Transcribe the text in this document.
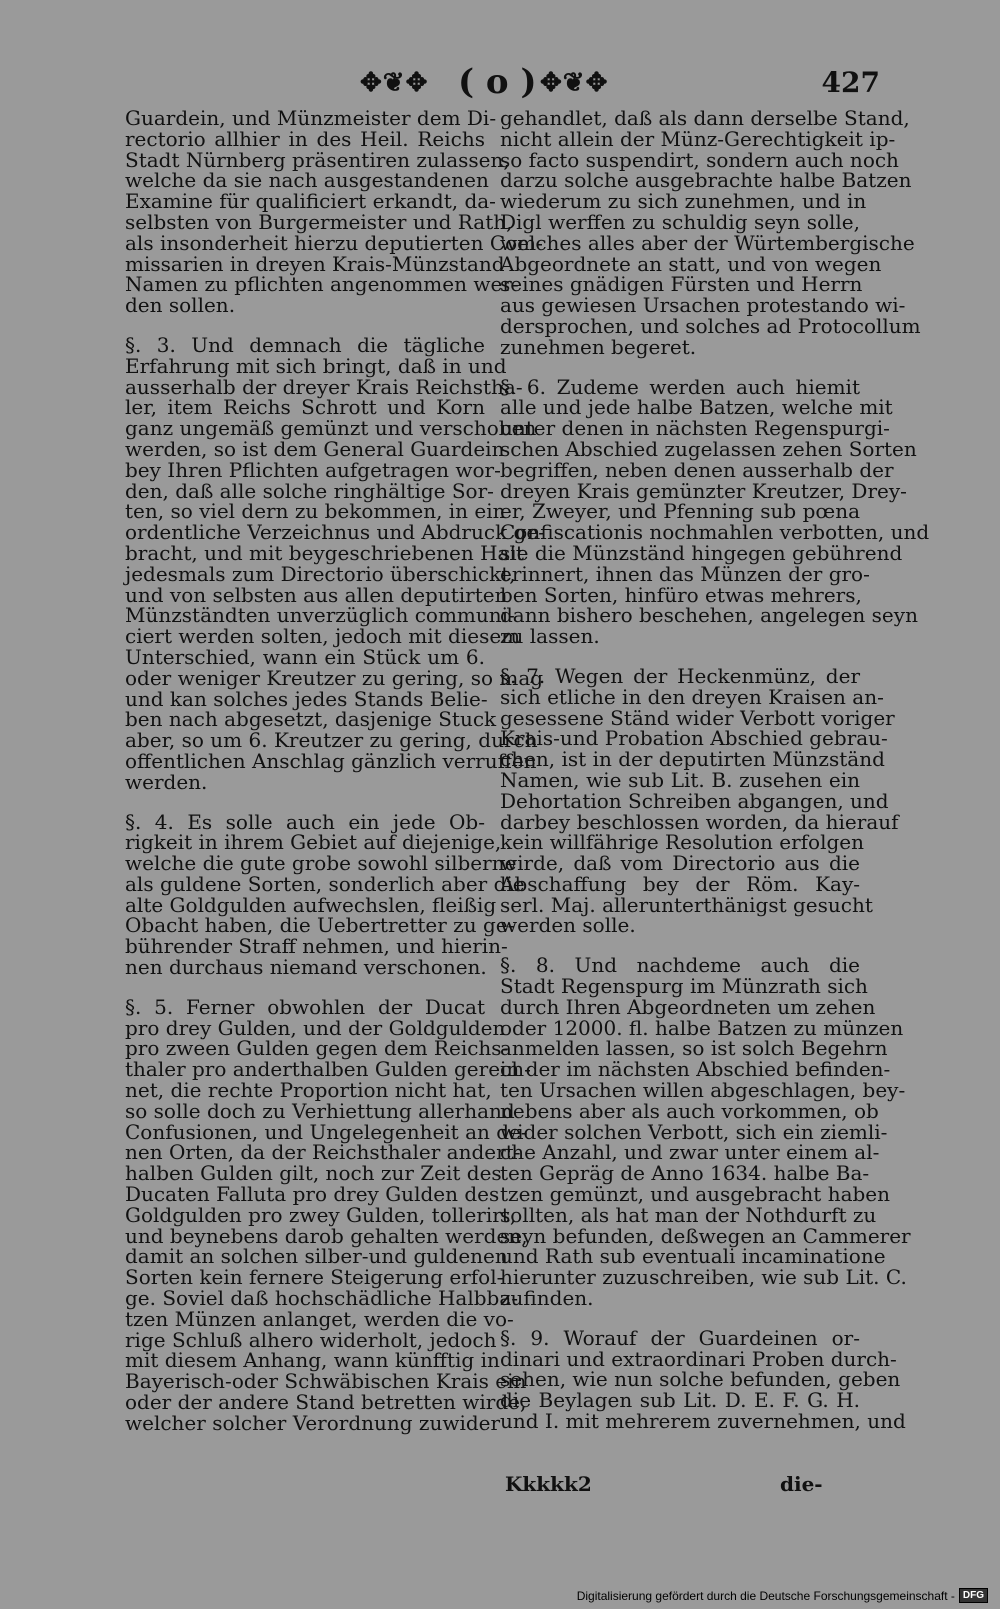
✥❦✥ ( o ) ✥❦✥	427
Guardein, und Münzmeister dem Di-
rectorio allhier in des Heil. Reichs
Stadt Nürnberg präsentiren zulassen,
welche da sie nach ausgestandenen
Examine für qualificiert erkandt, da-
selbsten von Burgermeister und Rath,
als insonderheit hierzu deputierten Com-
missarien in dreyen Krais-Münzstand
Namen zu pflichten angenommen wer-
den sollen.
§. 3. Und demnach die tägliche
Erfahrung mit sich bringt, daß in und
ausserhalb der dreyer Krais Reichstha-
ler, item Reichs Schrott und Korn
ganz ungemäß gemünzt und verschoben
werden, so ist dem General Guardein
bey Ihren Pflichten aufgetragen wor-
den, daß alle solche ringhältige Sor-
ten, so viel dern zu bekommen, in ein
ordentliche Verzeichnus und Abdruck ge-
bracht, und mit beygeschriebenen Halt
jedesmals zum Directorio überschickt,
und von selbsten aus allen deputirten
Münzständten unverzüglich communi-
ciert werden solten, jedoch mit diesem
Unterschied, wann ein Stück um 6.
oder weniger Kreutzer zu gering, so mag
und kan solches jedes Stands Belie-
ben nach abgesetzt, dasjenige Stuck
aber, so um 6. Kreutzer zu gering, durch
offentlichen Anschlag gänzlich verruffen
werden.
§. 4. Es solle auch ein jede Ob-
rigkeit in ihrem Gebiet auf diejenige,
welche die gute grobe sowohl silberne
als guldene Sorten, sonderlich aber die
alte Goldgulden aufwechslen, fleißig
Obacht haben, die Uebertretter zu ge-
bührender Straff nehmen, und hierin-
nen durchaus niemand verschonen.
§. 5. Ferner obwohlen der Ducat
pro drey Gulden, und der Goldgulden
pro zween Gulden gegen dem Reichs-
thaler pro anderthalben Gulden gerech-
net, die rechte Proportion nicht hat,
so solle doch zu Verhiettung allerhand
Confusionen, und Ungelegenheit an de-
nen Orten, da der Reichsthaler andert-
halben Gulden gilt, noch zur Zeit des
Ducaten Falluta pro drey Gulden des
Goldgulden pro zwey Gulden, tollerirt,
und beynebens darob gehalten werden,
damit an solchen silber-und guldenen
Sorten kein fernere Steigerung erfol-
ge. Soviel daß hochschädliche Halbba-
tzen Münzen anlanget, werden die vo-
rige Schluß alhero widerholt, jedoch
mit diesem Anhang, wann künfftig in
Bayerisch-oder Schwäbischen Krais ein
oder der andere Stand betretten wirde,
welcher solcher Verordnung zuwider
gehandlet, daß als dann derselbe Stand,
nicht allein der Münz-Gerechtigkeit ip-
so facto suspendirt, sondern auch noch
darzu solche ausgebrachte halbe Batzen
wiederum zu sich zunehmen, und in
Digl werffen zu schuldig seyn solle,
welches alles aber der Würtembergische
Abgeordnete an statt, und von wegen
seines gnädigen Fürsten und Herrn
aus gewiesen Ursachen protestando wi-
dersprochen, und solches ad Protocollum
zunehmen begeret.
§. 6. Zudeme werden auch hiemit
alle und jede halbe Batzen, welche mit
unter denen in nächsten Regenspurgi-
schen Abschied zugelassen zehen Sorten
begriffen, neben denen ausserhalb der
dreyen Krais gemünzter Kreutzer, Drey-
er, Zweyer, und Pfenning sub pœna
Confiscationis nochmahlen verbotten, und
sie die Münzständ hingegen gebührend
erinnert, ihnen das Münzen der gro-
ben Sorten, hinfüro etwas mehrers,
dann bishero beschehen, angelegen seyn
zu lassen.
§. 7. Wegen der Heckenmünz, der
sich etliche in den dreyen Kraisen an-
gesessene Ständ wider Verbott voriger
Krais-und Probation Abschied gebrau-
chen, ist in der deputirten Münzständ
Namen, wie sub Lit. B. zusehen ein
Dehortation Schreiben abgangen, und
darbey beschlossen worden, da hierauf
kein willfährige Resolution erfolgen
wirde, daß vom Directorio aus die
Abschaffung bey der Röm. Kay-
serl. Maj. allerunterthänigst gesucht
werden solle.
§. 8. Und nachdeme auch die
Stadt Regenspurg im Münzrath sich
durch Ihren Abgeordneten um zehen
oder 12000. fl. halbe Batzen zu münzen
anmelden lassen, so ist solch Begehrn
in der im nächsten Abschied befinden-
ten Ursachen willen abgeschlagen, bey-
nebens aber als auch vorkommen, ob
wider solchen Verbott, sich ein ziemli-
che Anzahl, und zwar unter einem al-
ten Gepräg de Anno 1634. halbe Ba-
tzen gemünzt, und ausgebracht haben
sollten, als hat man der Nothdurft zu
seyn befunden, deßwegen an Cammerer
und Rath sub eventuali incaminatione
hierunter zuzuschreiben, wie sub Lit. C.
zufinden.
§. 9. Worauf der Guardeinen or-
dinari und extraordinari Proben durch-
sehen, wie nun solche befunden, geben
die Beylagen sub Lit. D. E. F. G. H.
und I. mit mehrerem zuvernehmen, und
Kkkkk2	die-
Digitalisierung gefördert durch die Deutsche Forschungsgemeinschaft - DFG
